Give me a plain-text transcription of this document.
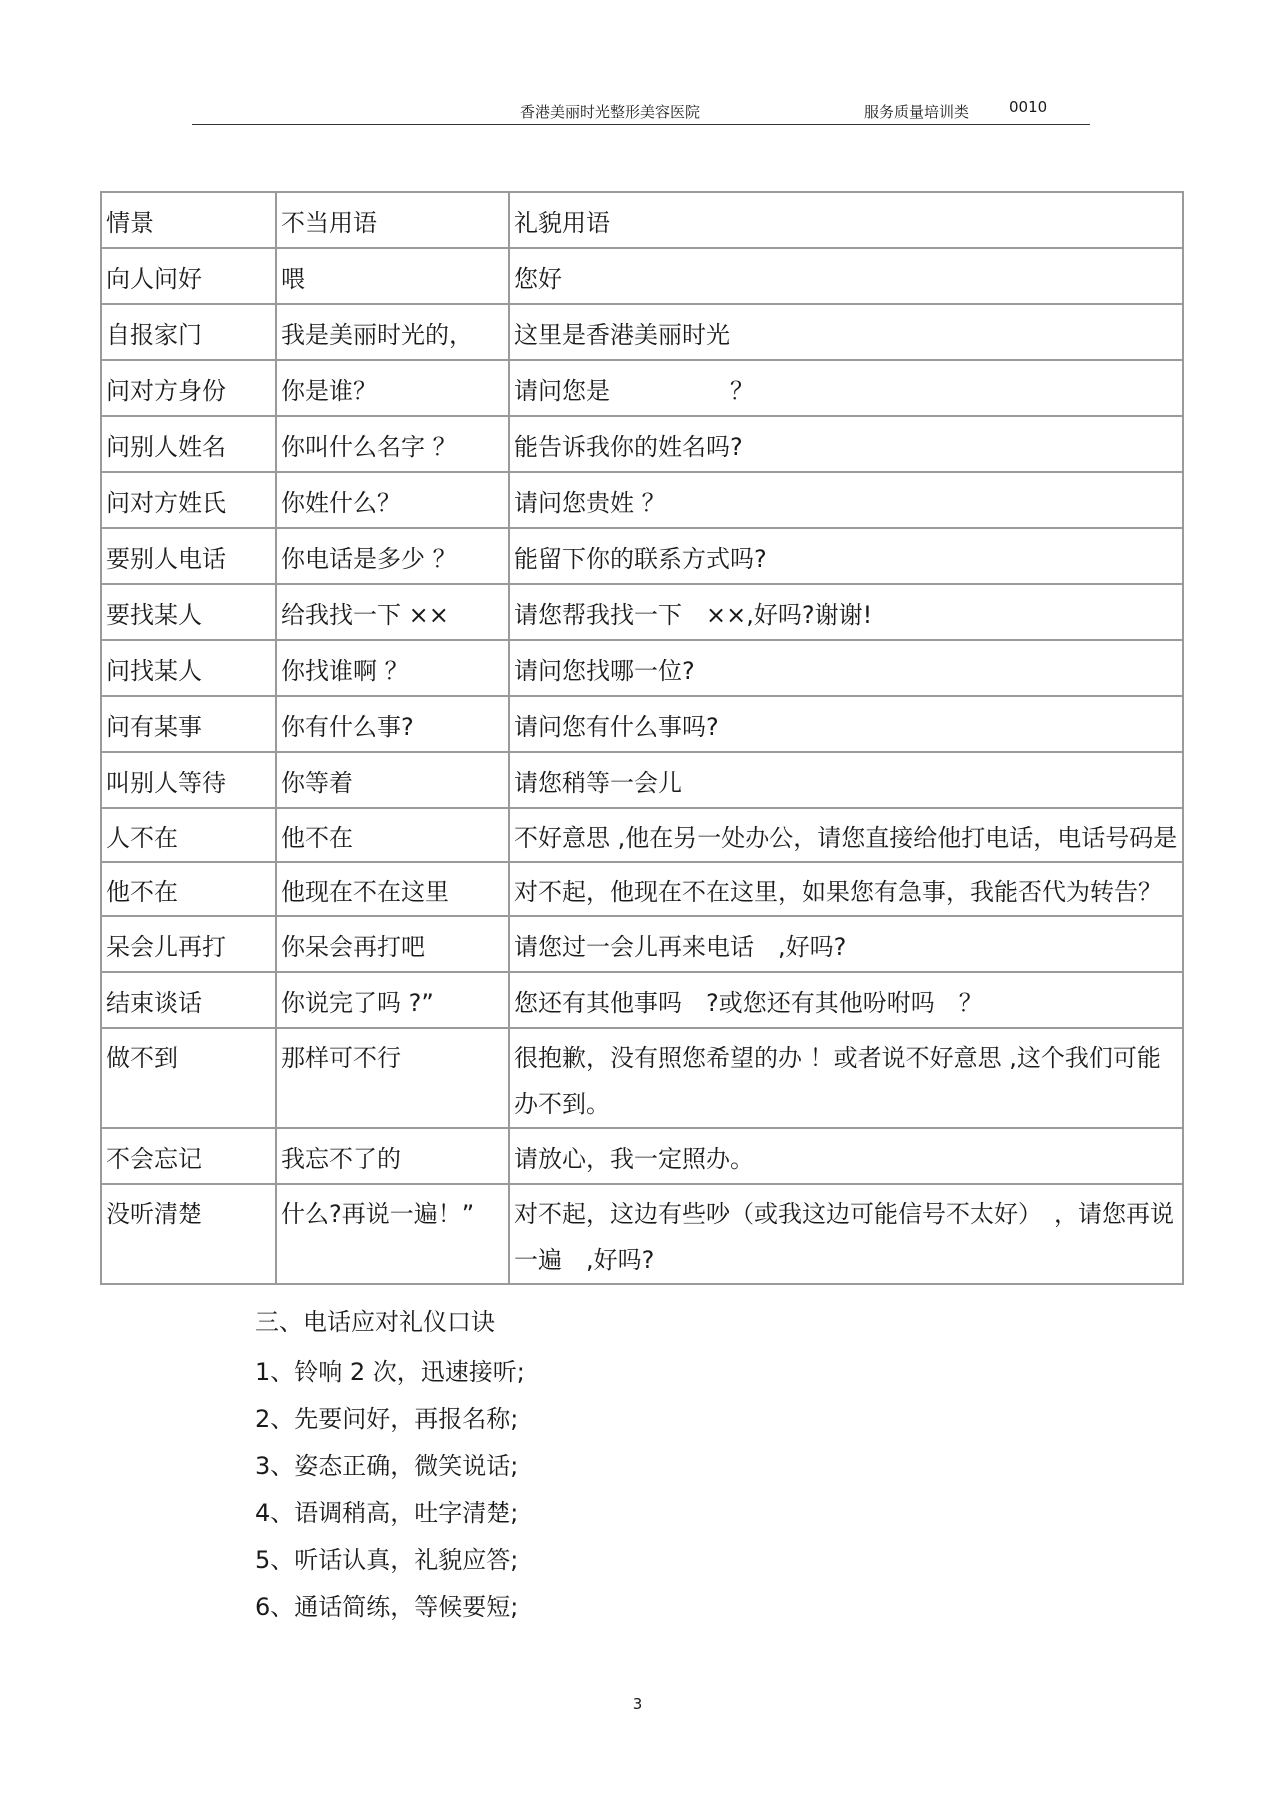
香港美丽时光整形美容医院	服务质量培训类	0010
情景	不当用语	礼貌用语
向人问好	喂	您好
自报家门	我是美丽时光的，	这里是香港美丽时光
问对方身份	你是谁？	请问您是　　　　　？
问别人姓名	你叫什么名字 ？	能告诉我你的姓名吗?
问对方姓氏	你姓什么？	请问您贵姓 ？
要别人电话	你电话是多少 ？	能留下你的联系方式吗?
要找某人	给我找一下 ××	请您帮我找一下　××,好吗?谢谢!
问找某人	你找谁啊 ？	请问您找哪一位?
问有某事	你有什么事?	请问您有什么事吗?
叫别人等待	你等着	请您稍等一会儿
人不在	他不在	不好意思 ,他在另一处办公，请您直接给他打电话，电话号码是
他不在	他现在不在这里	对不起，他现在不在这里，如果您有急事，我能否代为转告？
呆会儿再打	你呆会再打吧	请您过一会儿再来电话　,好吗?
结束谈话	你说完了吗 ?”	您还有其他事吗　?或您还有其他吩咐吗　？
做不到	那样可不行	很抱歉，没有照您希望的办 ！或者说不好意思 ,这个我们可能办不到。
不会忘记	我忘不了的	请放心，我一定照办。
没听清楚	什么?再说一遍！”	对不起，这边有些吵（或我这边可能信号不太好）　，请您再说一遍　,好吗?
三、电话应对礼仪口诀
1、铃响 2 次，迅速接听;
2、先要问好，再报名称;
3、姿态正确，微笑说话;
4、语调稍高，吐字清楚;
5、听话认真，礼貌应答;
6、通话简练，等候要短;
3
